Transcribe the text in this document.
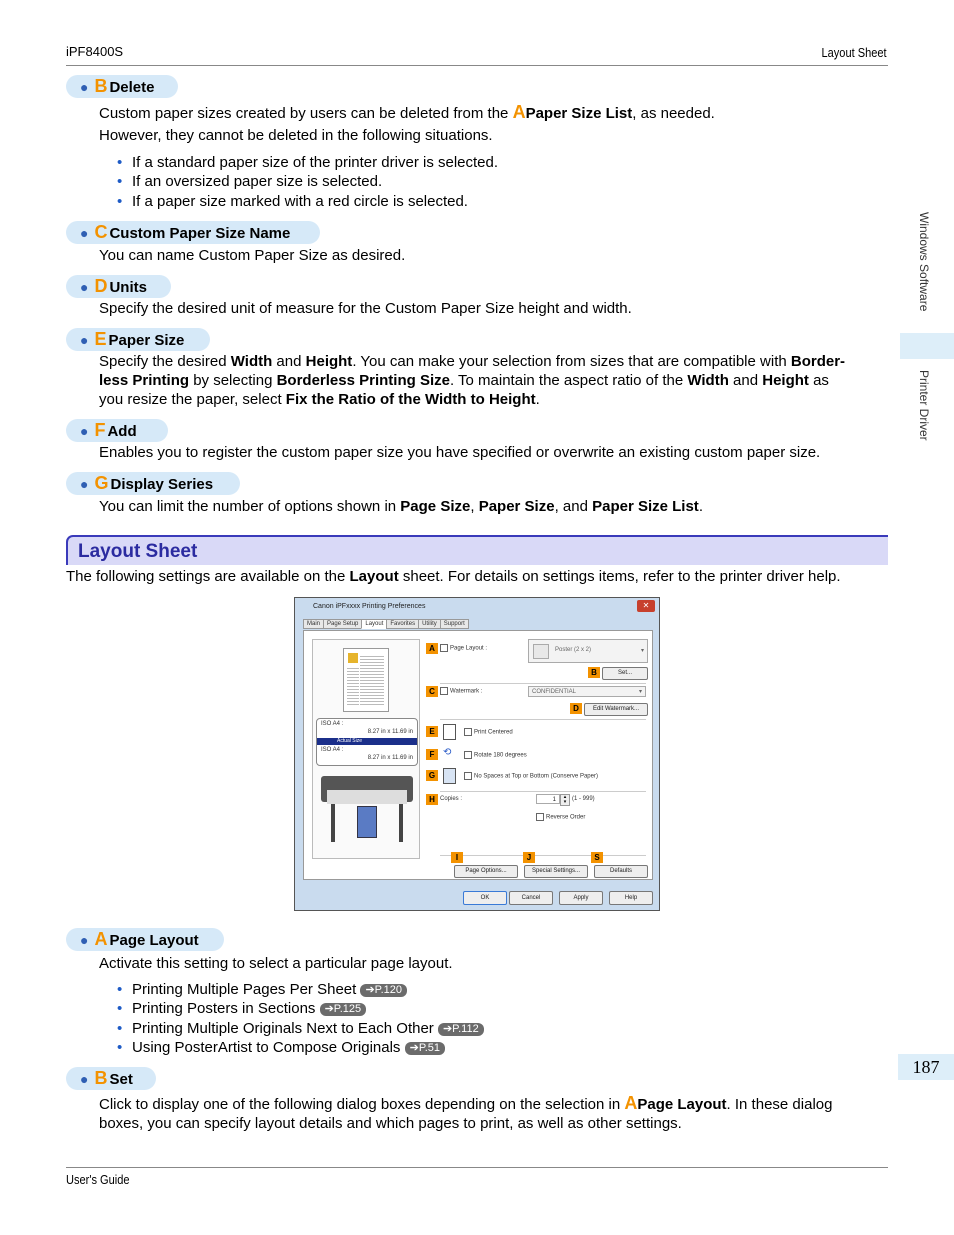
iPF8400S	Layout Sheet
Windows Software
Printer Driver
● B Delete
Custom paper sizes created by users can be deleted from the APaper Size List, as needed.
However, they cannot be deleted in the following situations.
• If a standard paper size of the printer driver is selected.
• If an oversized paper size is selected.
• If a paper size marked with a red circle is selected.
● C Custom Paper Size Name
You can name Custom Paper Size as desired.
● D Units
Specify the desired unit of measure for the Custom Paper Size height and width.
● E Paper Size
Specify the desired Width and Height. You can make your selection from sizes that are compatible with Border-
less Printing by selecting Borderless Printing Size. To maintain the aspect ratio of the Width and Height as
you resize the paper, select Fix the Ratio of the Width to Height.
● F Add
Enables you to register the custom paper size you have specified or overwrite an existing custom paper size.
● G Display Series
You can limit the number of options shown in Page Size, Paper Size, and Paper Size List.
Layout Sheet
The following settings are available on the Layout sheet. For details on settings items, refer to the printer driver help.
Canon iPFxxxx Printing Preferences	✕
Main Page Setup Layout Favorites Utility Support
ISO A4 :
8.27 in x 11.69 in
Actual Size
ISO A4 :
8.27 in x 11.69 in
A	Page Layout :	Poster (2 x 2)	▾
B	Set...
C	Watermark :	CONFIDENTIAL	▾
D	Edit Watermark...
E	Print Centered
F ⟲	Rotate 180 degrees
G	No Spaces at Top or Bottom (Conserve Paper)
H Copies :	1	▴
▾ (1 - 999)
Reverse Order
I	J	S
Page Options...	Special Settings...	Defaults
OK	Cancel	Apply	Help
● A Page Layout
Activate this setting to select a particular page layout.
• Printing Multiple Pages Per Sheet ➔P.120
• Printing Posters in Sections ➔P.125
• Printing Multiple Originals Next to Each Other ➔P.112
• Using PosterArtist to Compose Originals ➔P.51
● B Set
Click to display one of the following dialog boxes depending on the selection in APage Layout. In these dialog
boxes, you can specify layout details and which pages to print, as well as other settings.
187
User's Guide
